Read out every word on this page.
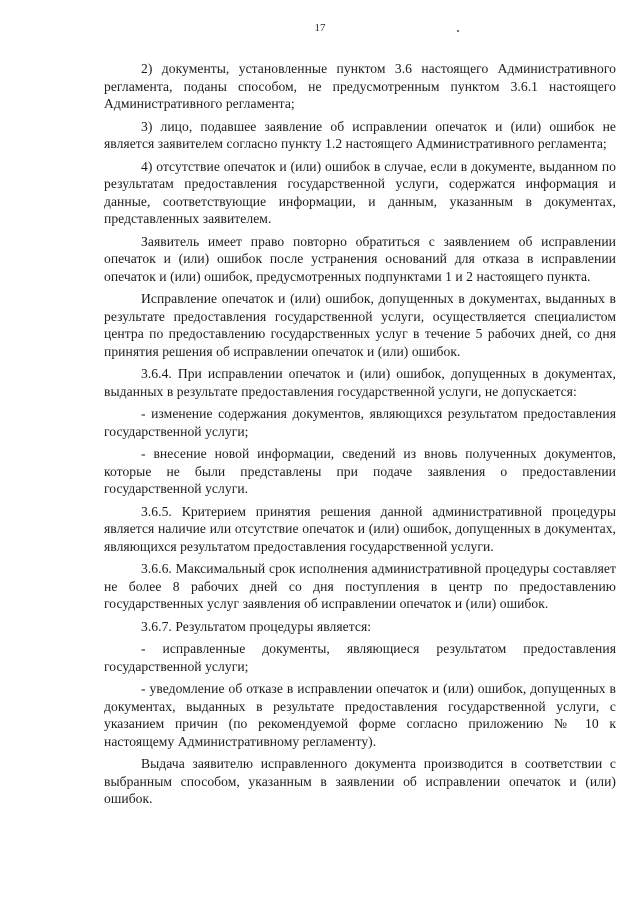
17

2) документы, установленные пунктом 3.6 настоящего Административного регламента, поданы способом, не предусмотренным пунктом 3.6.1 настоящего Административного регламента;

3) лицо, подавшее заявление об исправлении опечаток и (или) ошибок не является заявителем согласно пункту 1.2 настоящего Административного регламента;

4) отсутствие опечаток и (или) ошибок в случае, если в документе, выданном по результатам предоставления государственной услуги, содержатся информация и данные, соответствующие информации, и данным, указанным в документах, представленных заявителем.

Заявитель имеет право повторно обратиться с заявлением об исправлении опечаток и (или) ошибок после устранения оснований для отказа в исправлении опечаток и (или) ошибок, предусмотренных подпунктами 1 и 2 настоящего пункта.

Исправление опечаток и (или) ошибок, допущенных в документах, выданных в результате предоставления государственной услуги, осуществляется специалистом центра по предоставлению государственных услуг в течение 5 рабочих дней, со дня принятия решения об исправлении опечаток и (или) ошибок.

3.6.4. При исправлении опечаток и (или) ошибок, допущенных в документах, выданных в результате предоставления государственной услуги, не допускается:

- изменение содержания документов, являющихся результатом предоставления государственной услуги;

- внесение новой информации, сведений из вновь полученных документов, которые не были представлены при подаче заявления о предоставлении государственной услуги.

3.6.5. Критерием принятия решения данной административной процедуры является наличие или отсутствие опечаток и (или) ошибок, допущенных в документах, являющихся результатом предоставления государственной услуги.

3.6.6. Максимальный срок исполнения административной процедуры составляет не более 8 рабочих дней со дня поступления в центр по предоставлению государственных услуг заявления об исправлении опечаток и (или) ошибок.

3.6.7. Результатом процедуры является:

- исправленные документы, являющиеся результатом предоставления государственной услуги;

- уведомление об отказе в исправлении опечаток и (или) ошибок, допущенных в документах, выданных в результате предоставления государственной услуги, с указанием причин (по рекомендуемой форме согласно приложению № 10 к настоящему Административному регламенту).

Выдача заявителю исправленного документа производится в соответствии с выбранным способом, указанным в заявлении об исправлении опечаток и (или) ошибок.
